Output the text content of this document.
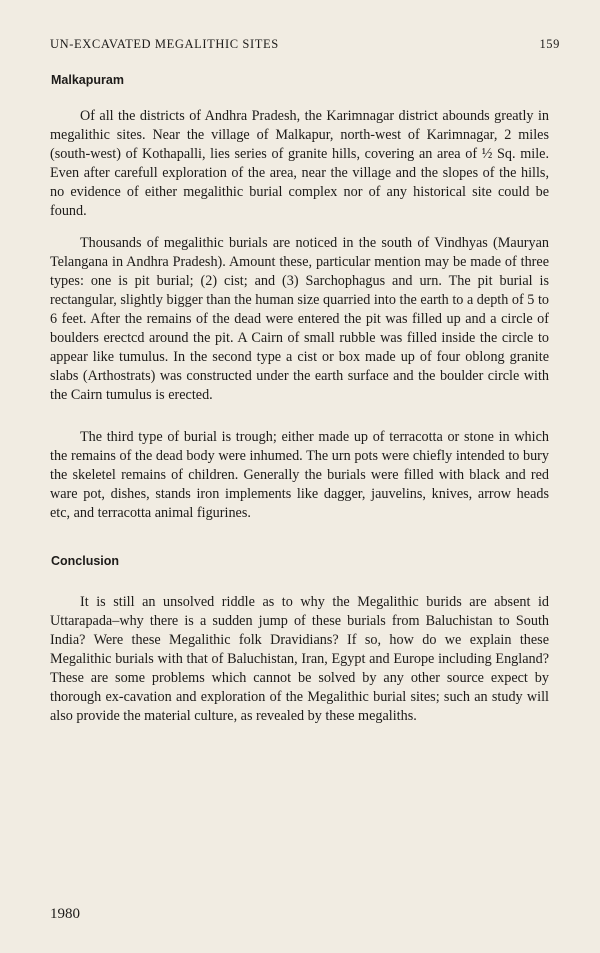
UN-EXCAVATED MEGALITHIC SITES	159
Malkapuram

Of all the districts of Andhra Pradesh, the Karimnagar district abounds greatly in megalithic sites. Near the village of Malkapur, north-west of Karimnagar, 2 miles (south-west) of Kothapalli, lies series of granite hills, covering an area of ½ Sq. mile. Even after carefull exploration of the area, near the village and the slopes of the hills, no evidence of either megalithic burial complex nor of any historical site could be found.

Thousands of megalithic burials are noticed in the south of Vindhyas (Mauryan Telangana in Andhra Pradesh). Amount these, particular mention may be made of three types: one is pit burial; (2) cist; and (3) Sarchophagus and urn. The pit burial is rectangular, slightly bigger than the human size quarried into the earth to a depth of 5 to 6 feet. After the remains of the dead were entered the pit was filled up and a circle of boulders erectcd around the pit. A Cairn of small rubble was filled inside the circle to appear like tumulus. In the second type a cist or box made up of four oblong granite slabs (Arthostrats) was constructed under the earth surface and the boulder circle with the Cairn tumulus is erected.

The third type of burial is trough; either made up of terracotta or stone in which the remains of the dead body were inhumed. The urn pots were chiefly intended to bury the skeletel remains of children. Generally the burials were filled with black and red ware pot, dishes, stands iron implements like dagger, jauvelins, knives, arrow heads etc, and terracotta animal figurines.

Conclusion

It is still an unsolved riddle as to why the Megalithic burids are absent id Uttarapada–why there is a sudden jump of these burials from Baluchistan to South India? Were these Megalithic folk Dravidians? If so, how do we explain these Megalithic burials with that of Baluchistan, Iran, Egypt and Europe including England? These are some problems which cannot be solved by any other source expect by thorough ex-cavation and exploration of the Megalithic burial sites; such an study will also provide the material culture, as revealed by these megaliths.

1980
